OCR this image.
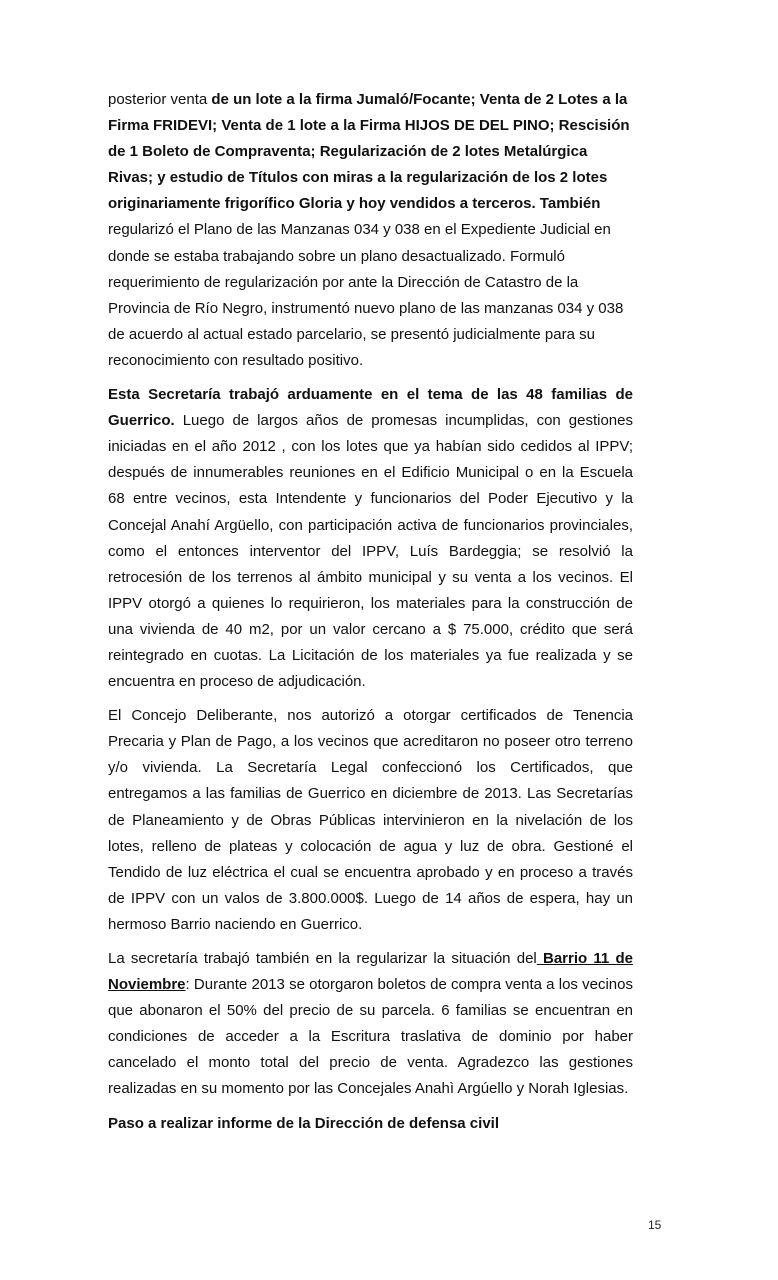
posterior venta de un lote a la firma Jumaló/Focante; Venta de 2 Lotes a la Firma FRIDEVI; Venta de 1 lote a la Firma HIJOS DE DEL PINO; Rescisión de 1 Boleto de Compraventa; Regularización de 2 lotes Metalúrgica Rivas; y estudio de Títulos con miras a la regularización de los 2 lotes originariamente frigorífico Gloria y hoy vendidos a terceros. También regularizó el Plano de las Manzanas 034 y 038 en el Expediente Judicial en donde se estaba trabajando sobre un plano desactualizado. Formuló requerimiento de regularización por ante la Dirección de Catastro de la Provincia de Río Negro, instrumentó nuevo plano de las manzanas 034 y 038 de acuerdo al actual estado parcelario, se presentó judicialmente para su reconocimiento con resultado positivo.

Esta Secretaría trabajó arduamente en el tema de las 48 familias de Guerrico. Luego de largos años de promesas incumplidas, con gestiones iniciadas en el año 2012 , con los lotes que ya habían sido cedidos al IPPV; después de innumerables reuniones en el Edificio Municipal o en la Escuela 68 entre vecinos, esta Intendente y funcionarios del Poder Ejecutivo y la Concejal Anahí Argüello, con participación activa de funcionarios provinciales, como el entonces interventor del IPPV, Luís Bardeggia; se resolvió la retrocesión de los terrenos al ámbito municipal y su venta a los vecinos. El IPPV otorgó a quienes lo requirieron, los materiales para la construcción de una vivienda de 40 m2, por un valor cercano a $ 75.000, crédito que será reintegrado en cuotas. La Licitación de los materiales ya fue realizada y se encuentra en proceso de adjudicación.

El Concejo Deliberante, nos autorizó a otorgar certificados de Tenencia Precaria y Plan de Pago, a los vecinos que acreditaron no poseer otro terreno y/o vivienda. La Secretaría Legal confeccionó los Certificados, que entregamos a las familias de Guerrico en diciembre de 2013. Las Secretarías de Planeamiento y de Obras Públicas intervinieron en la nivelación de los lotes, relleno de plateas y colocación de agua y luz de obra. Gestioné el Tendido de luz eléctrica el cual se encuentra aprobado y en proceso a través de IPPV con un valos de 3.800.000$. Luego de 14 años de espera, hay un hermoso Barrio naciendo en Guerrico.

La secretaría trabajó también en la regularizar la situación del Barrio 11 de Noviembre: Durante 2013 se otorgaron boletos de compra venta a los vecinos que abonaron el 50% del precio de su parcela. 6 familias se encuentran en condiciones de acceder a la Escritura traslativa de dominio por haber cancelado el monto total del precio de venta. Agradezco las gestiones realizadas en su momento por las Concejales Anahì Argúello y Norah Iglesias.

Paso a realizar informe de la Dirección de defensa civil

15
